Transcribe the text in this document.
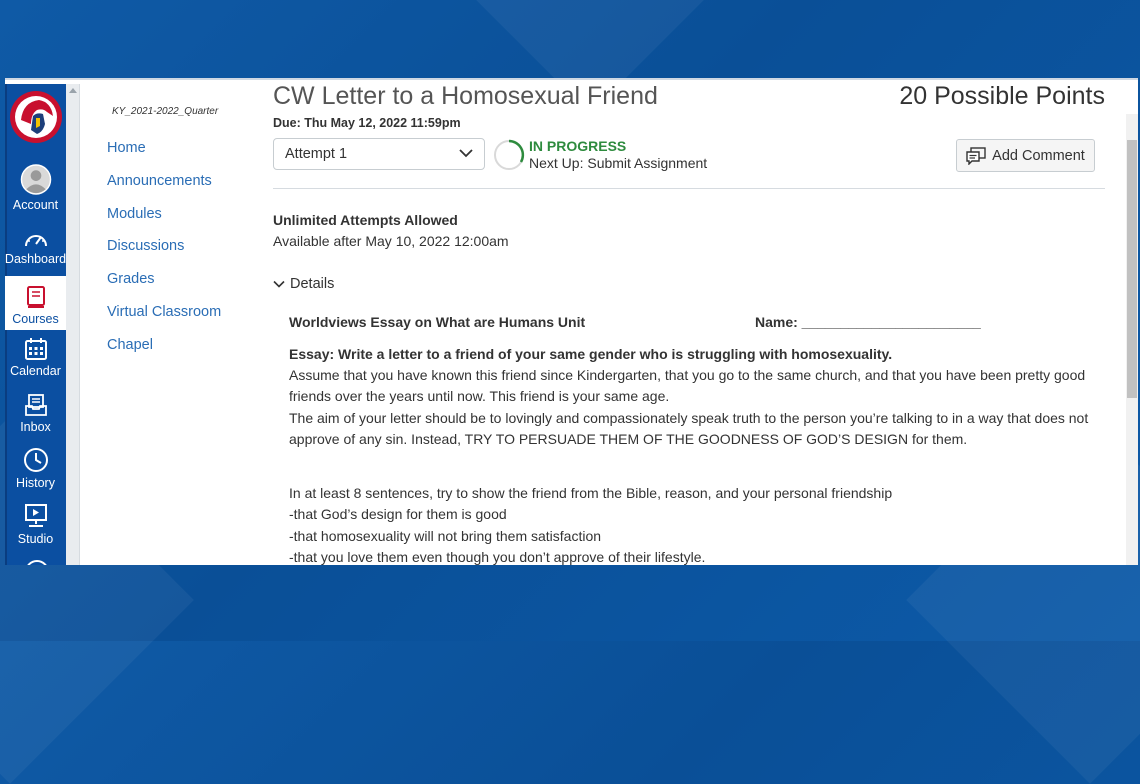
Account
Dashboard
Courses
Calendar
Inbox
History
Studio
KY_2021-2022_Quarter
Home
Announcements
Modules
Discussions
Grades
Virtual Classroom
Chapel
CW Letter to a Homosexual Friend	20 Possible Points
Due: Thu May 12, 2022 11:59pm
Attempt 1	IN PROGRESS
Next Up: Submit Assignment	Add Comment
Unlimited Attempts Allowed
Available after May 10, 2022 12:00am
Details
Worldviews Essay on What are Humans Unit	Name: _______________________
Essay: Write a letter to a friend of your same gender who is struggling with homosexuality.
Assume that you have known this friend since Kindergarten, that you go to the same church, and that you have been pretty good
friends over the years until now. This friend is your same age.
The aim of your letter should be to lovingly and compassionately speak truth to the person you’re talking to in a way that does not
approve of any sin. Instead, TRY TO PERSUADE THEM OF THE GOODNESS OF GOD’S DESIGN for them.
In at least 8 sentences, try to show the friend from the Bible, reason, and your personal friendship
-that God’s design for them is good
-that homosexuality will not bring them satisfaction
-that you love them even though you don’t approve of their lifestyle.
